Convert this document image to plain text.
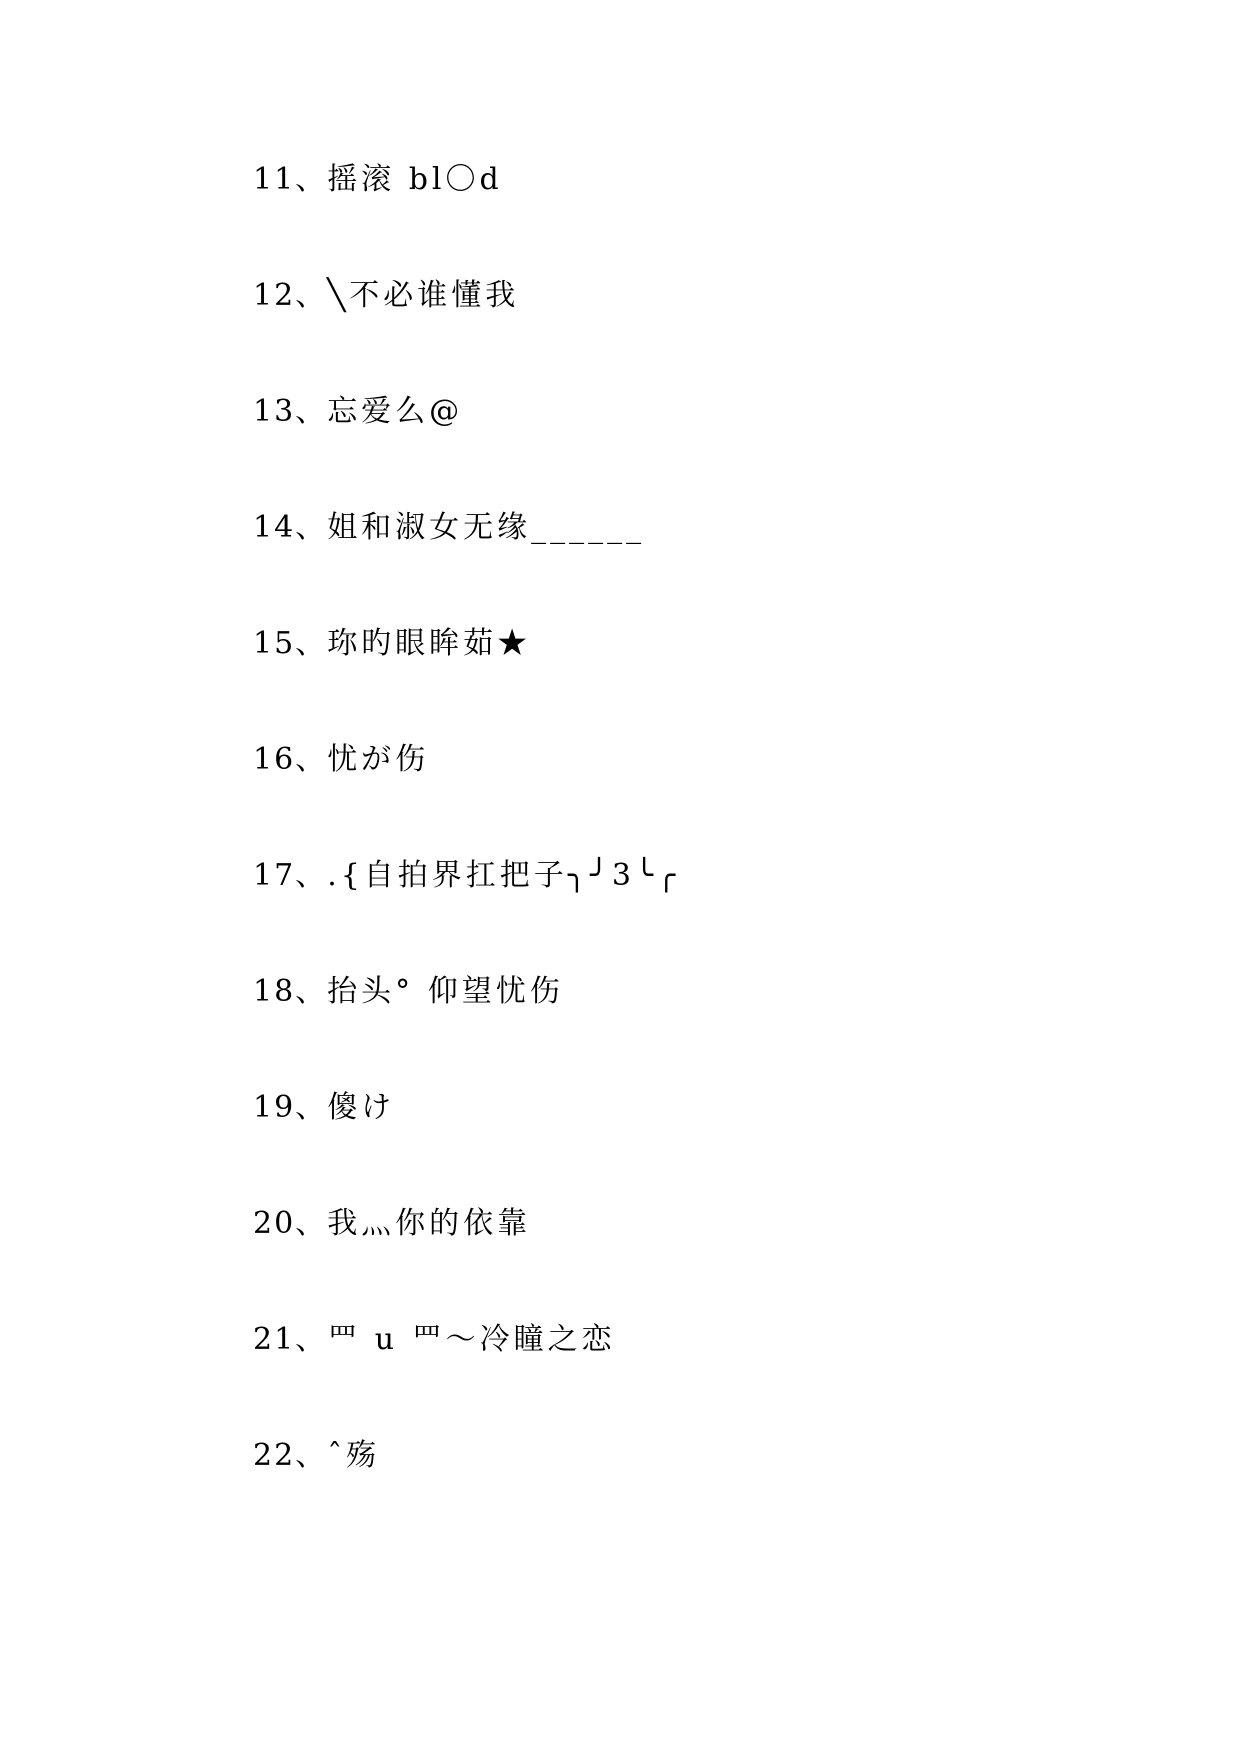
11、摇滚 bl〇d
12、╲不必谁懂我
13、忘爱么@
14、姐和淑女无缘______
15、珎旳眼眸茹★
16、忧が伤
17、.{自拍界扛把子╮╯3╰╭
18、抬头° 仰望忧伤
19、傻け
20、我灬你的依靠
21、罒 u 罒～冷瞳之恋
22、ˆ殇
